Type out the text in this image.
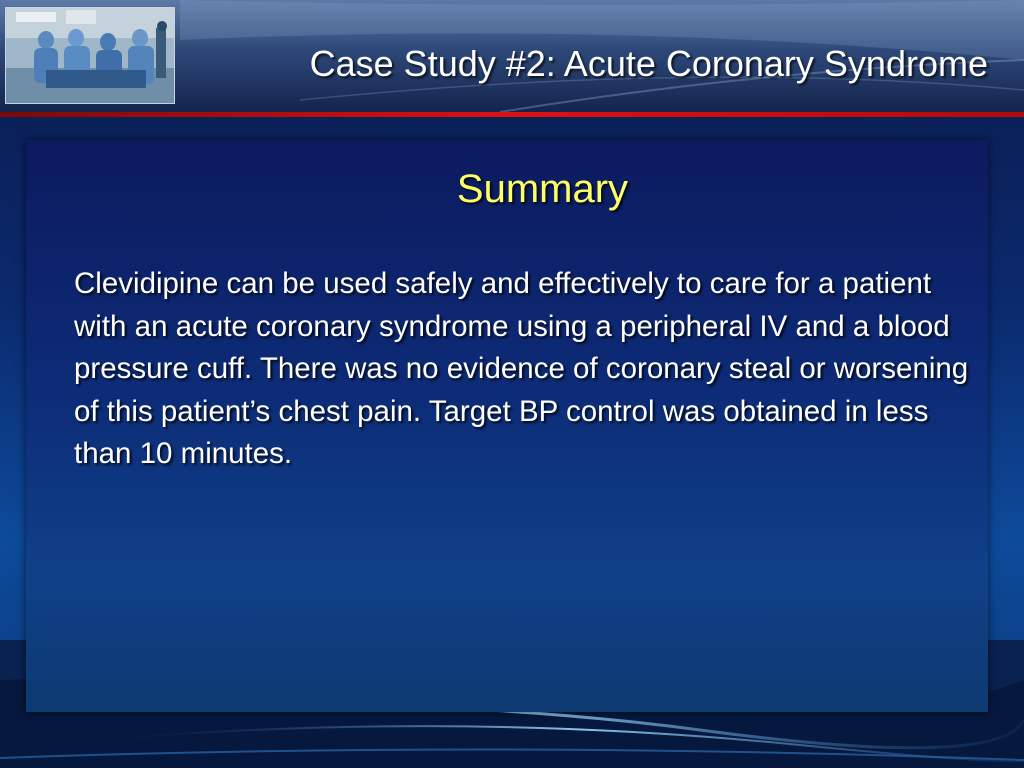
Case Study #2: Acute Coronary Syndrome
Summary
Clevidipine can be used safely and effectively to care for a patient with an acute coronary syndrome using a peripheral IV and a blood pressure cuff. There was no evidence of coronary steal or worsening of this patient’s chest pain. Target BP control was obtained in less than 10 minutes.
